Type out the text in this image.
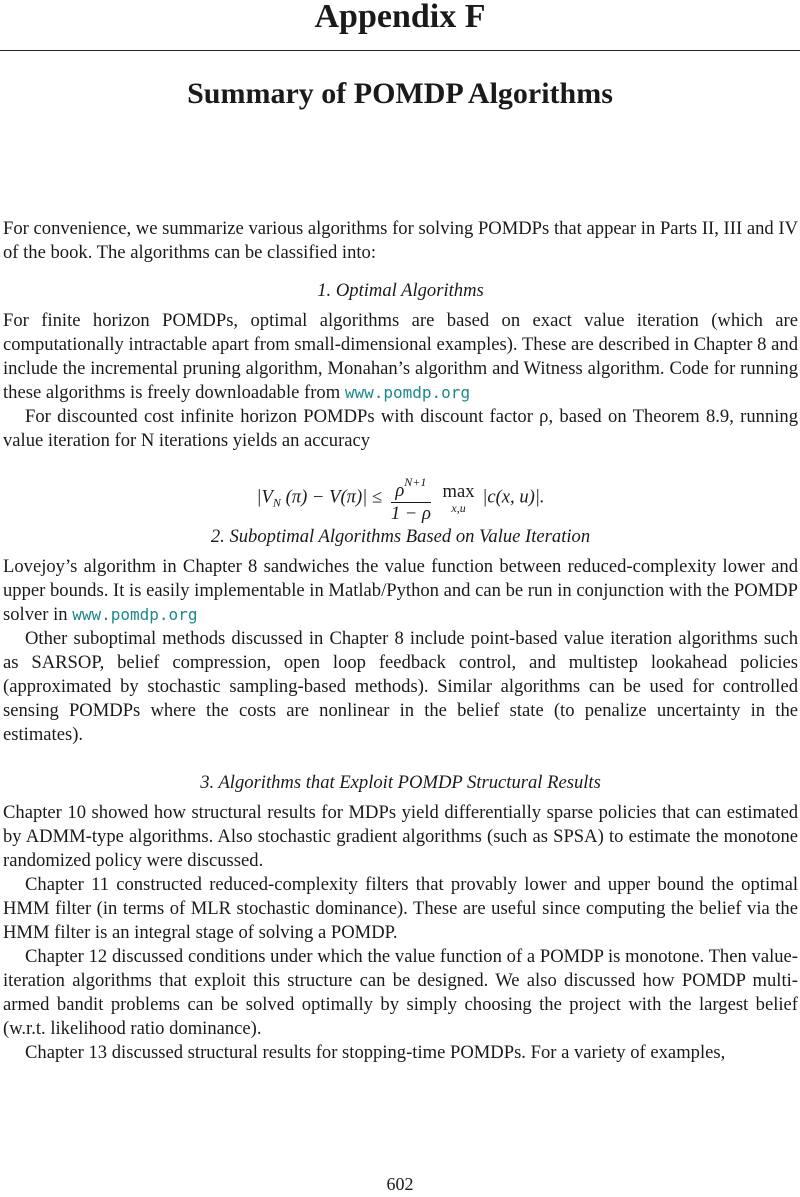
Appendix F
Summary of POMDP Algorithms

For convenience, we summarize various algorithms for solving POMDPs that appear in Parts II, III and IV of the book. The algorithms can be classified into:

1. Optimal Algorithms

For finite horizon POMDPs, optimal algorithms are based on exact value iteration (which are computationally intractable apart from small-dimensional examples). These are described in Chapter 8 and include the incremental pruning algorithm, Monahan’s algorithm and Witness algorithm. Code for running these algorithms is freely downloadable from www.pomdp.org

For discounted cost infinite horizon POMDPs with discount factor ρ, based on Theorem 8.9, running value iteration for N iterations yields an accuracy

$|V_N$ $(\pi) - V(\pi)| \le \frac{\rho^{N+1}}{1 - \rho}$
max
x,u
|c(x, u)|.
2. Suboptimal Algorithms Based on Value Iteration

Lovejoy’s algorithm in Chapter 8 sandwiches the value function between reduced-complexity lower and upper bounds. It is easily implementable in Matlab/Python and can be run in conjunction with the POMDP solver in www.pomdp.org

Other suboptimal methods discussed in Chapter 8 include point-based value iteration algorithms such as SARSOP, belief compression, open loop feedback control, and multistep lookahead policies (approximated by stochastic sampling-based methods). Similar algorithms can be used for controlled sensing POMDPs where the costs are nonlinear in the belief state (to penalize uncertainty in the estimates).

3. Algorithms that Exploit POMDP Structural Results

Chapter 10 showed how structural results for MDPs yield differentially sparse policies that can estimated by ADMM-type algorithms. Also stochastic gradient algorithms (such as SPSA) to estimate the monotone randomized policy were discussed.

Chapter 11 constructed reduced-complexity filters that provably lower and upper bound the optimal HMM filter (in terms of MLR stochastic dominance). These are useful since computing the belief via the HMM filter is an integral stage of solving a POMDP.

Chapter 12 discussed conditions under which the value function of a POMDP is monotone. Then value-iteration algorithms that exploit this structure can be designed. We also discussed how POMDP multi-armed bandit problems can be solved optimally by simply choosing the project with the largest belief (w.r.t. likelihood ratio dominance).

Chapter 13 discussed structural results for stopping-time POMDPs. For a variety of examples,

602
